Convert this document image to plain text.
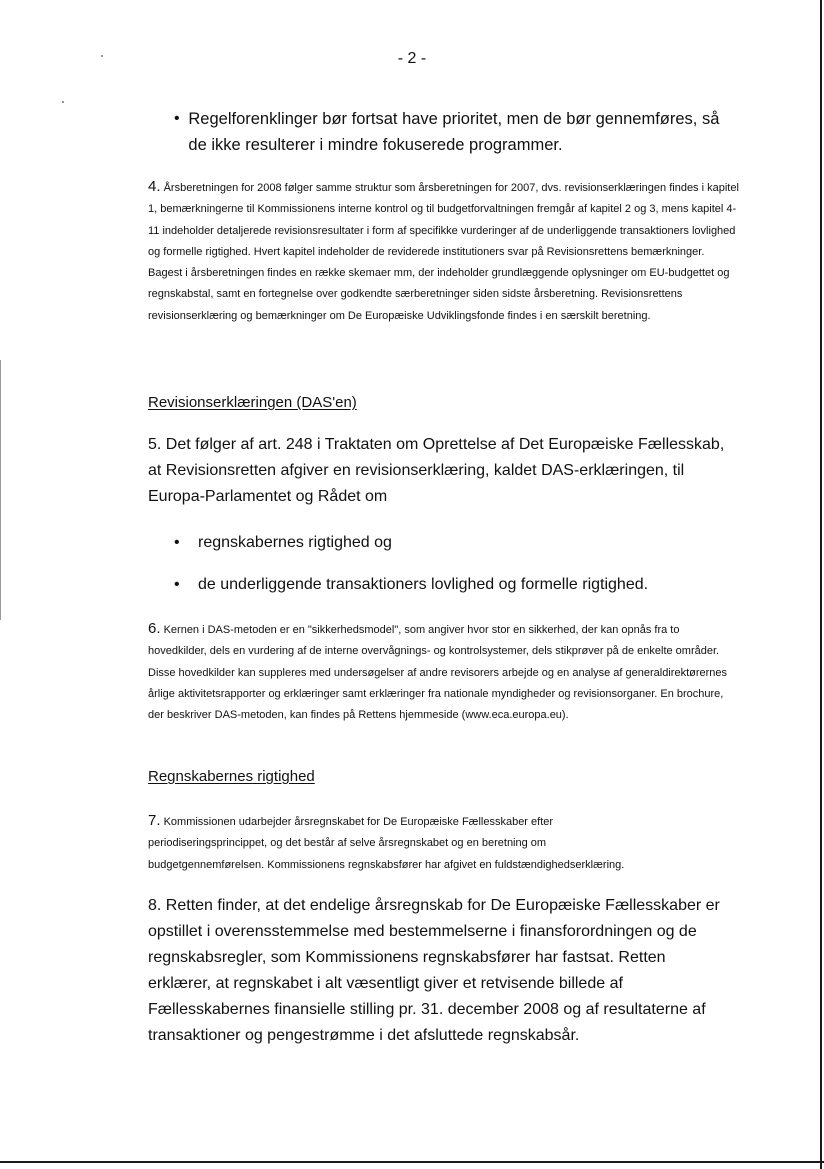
- 2 -
• Regelforenklinger bør fortsat have prioritet, men de bør gennemføres, så de ikke resulterer i mindre fokuserede programmer.
4. Årsberetningen for 2008 følger samme struktur som årsberetningen for 2007, dvs. revisionserklæringen findes i kapitel 1, bemærkningerne til Kommissionens interne kontrol og til budgetforvaltningen fremgår af kapitel 2 og 3, mens kapitel 4-11 indeholder detaljerede revisionsresultater i form af specifikke vurderinger af de underliggende transaktioners lovlighed og formelle rigtighed. Hvert kapitel indeholder de reviderede institutioners svar på Revisionsrettens bemærkninger. Bagest i årsberetningen findes en række skemaer mm, der indeholder grundlæggende oplysninger om EU-budgettet og regnskabstal, samt en fortegnelse over godkendte særberetninger siden sidste årsberetning. Revisionsrettens revisionserklæring og bemærkninger om De Europæiske Udviklingsfonde findes i en særskilt beretning.
Revisionserklæringen (DAS'en)
5. Det følger af art. 248 i Traktaten om Oprettelse af Det Europæiske Fællesskab, at Revisionsretten afgiver en revisionserklæring, kaldet DAS-erklæringen, til Europa-Parlamentet og Rådet om
•	regnskabernes rigtighed og
•	de underliggende transaktioners lovlighed og formelle rigtighed.
6. Kernen i DAS-metoden er en "sikkerhedsmodel", som angiver hvor stor en sikkerhed, der kan opnås fra to hovedkilder, dels en vurdering af de interne overvågnings- og kontrolsystemer, dels stikprøver på de enkelte områder. Disse hovedkilder kan suppleres med undersøgelser af andre revisorers arbejde og en analyse af generaldirektørernes årlige aktivitetsrapporter og erklæringer samt erklæringer fra nationale myndigheder og revisionsorganer. En brochure, der beskriver DAS-metoden, kan findes på Rettens hjemmeside (www.eca.europa.eu).
Regnskabernes rigtighed
7. Kommissionen udarbejder årsregnskabet for De Europæiske Fællesskaber efter periodiseringsprincippet, og det består af selve årsregnskabet og en beretning om budgetgennemførelsen. Kommissionens regnskabsfører har afgivet en fuldstændighedserklæring.
8. Retten finder, at det endelige årsregnskab for De Europæiske Fællesskaber er opstillet i overensstemmelse med bestemmelserne i finansforordningen og de regnskabsregler, som Kommissionens regnskabsfører har fastsat. Retten erklærer, at regnskabet i alt væsentligt giver et retvisende billede af Fællesskabernes finansielle stilling pr. 31. december 2008 og af resultaterne af transaktioner og pengestrømme i det afsluttede regnskabsår.
